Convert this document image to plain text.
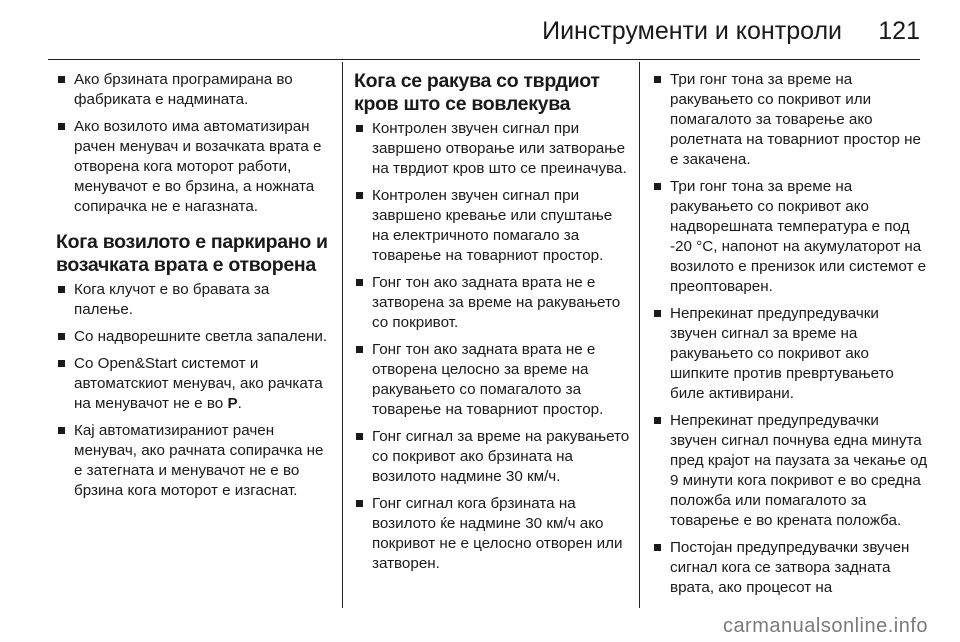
Иинструменти и контроли 121
Ако брзината програмирана во фабриката е надмината.
Ако возилото има автоматизиран рачен менувач и возачката врата е отворена кога моторот работи, менувачот е во брзина, а ножната сопирачка не е нагазната.
Кога возилото е паркирано и возачката врата е отворена
Кога клучот е во бравата за палење.
Со надворешните светла запалени.
Со Open&Start системот и автоматскиот менувач, ако рачката на менувачот не е во P.
Кај автоматизираниот рачен менувач, ако рачната сопирачка не е затегната и менувачот не е во брзина кога моторот е изгаснат.
Кога се ракува со тврдиот кров што се вовлекува
Контролен звучен сигнал при завршено отворање или затворање на тврдиот кров што се преиначува.
Контролен звучен сигнал при завршено кревање или спуштање на електричното помагало за товарење на товарниот простор.
Гонг тон ако задната врата не е затворена за време на ракувањето со покривот.
Гонг тон ако задната врата не е отворена целосно за време на ракувањето со помагалото за товарење на товарниот простор.
Гонг сигнал за време на ракувањето со покривот ако брзината на возилото надмине 30 км/ч.
Гонг сигнал кога брзината на возилото ќе надмине 30 км/ч ако покривот не е целосно отворен или затворен.
Три гонг тона за време на ракувањето со покривот или помагалото за товарење ако ролетната на товарниот простор не е закачена.
Три гонг тона за време на ракувањето со покривот ако надворешната температура е под -20 °C, напонот на акумулаторот на возилото е пренизок или системот е преоптоварен.
Непрекинат предупредувачки звучен сигнал за време на ракувањето со покривот ако шипките против превртувањето биле активирани.
Непрекинат предупредувачки звучен сигнал почнува една минута пред крајот на паузата за чекање од 9 минути кога покривот е во средна положба или помагалото за товарење е во крената положба.
Постојан предупредувачки звучен сигнал кога се затвора задната врата, ако процесот на
carmanualsonline.info
